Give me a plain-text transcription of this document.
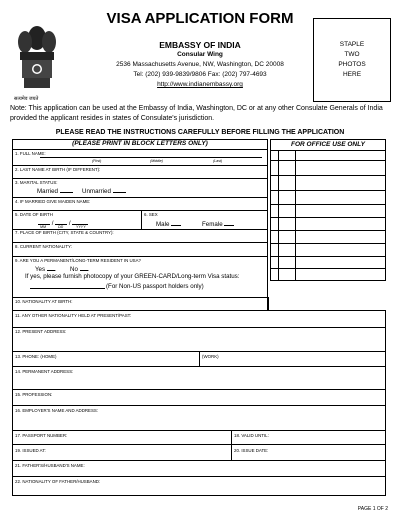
VISA APPLICATION FORM
सत्यमेव जयते
EMBASSY OF INDIA
Consular Wing
2536 Massachusetts Avenue, NW, Washington, DC 20008
Tel: (202) 939-9839/9806 Fax: (202) 797-4693
http://www.indianembassy.org
STAPLE
TWO
PHOTOS
HERE
Note: This application can be used at the Embassy of India, Washington, DC or at any other Consulate Generals of India provided the applicant resides in states of Consulate's jurisdiction.
PLEASE READ THE INSTRUCTIONS CAREFULLY BEFORE FILLING THE APPLICATION
(PLEASE PRINT IN BLOCK LETTERS ONLY)	FOR OFFICE USE ONLY
1. FULL NAME:
(First)	(Middle)	(Last)
2. LAST NAME AT BIRTH (IF DIFFERENT):
3. MARITAL STATUS:
Married	Unmarried
4. IF MARRIED GIVE MAIDEN NAME:
5. DATE OF BIRTH
/  /
MM	DD	YYYY
6. SEX
Male	Female
7. PLACE OF BIRTH (CITY, STATE & COUNTRY):
8. CURRENT NATIONALITY:
9. ARE YOU A PERMANENT/LONG-TERM RESIDENT IN USA?
Yes . No .
If yes, please furnish photocopy of your GREEN-CARD/Long-term Visa status:
(For Non-US passport holders only)
10. NATIONALITY AT BIRTH:
11. ANY OTHER NATIONALITY HELD AT PRESENT/PAST:
12. PRESENT ADDRESS:
13. PHONE: (HOME)	(WORK)
14. PERMANENT ADDRESS:
15. PROFESSION:
16. EMPLOYER'S NAME AND ADDRESS:
17. PASSPORT NUMBER:	18. VALID UNTIL:
19. ISSUED AT:	20. ISSUE DATE:
21. FATHER'S/HUSBAND'S NAME:
22. NATIONALITY OF FATHER/HUSBAND:
PAGE 1 OF 2
